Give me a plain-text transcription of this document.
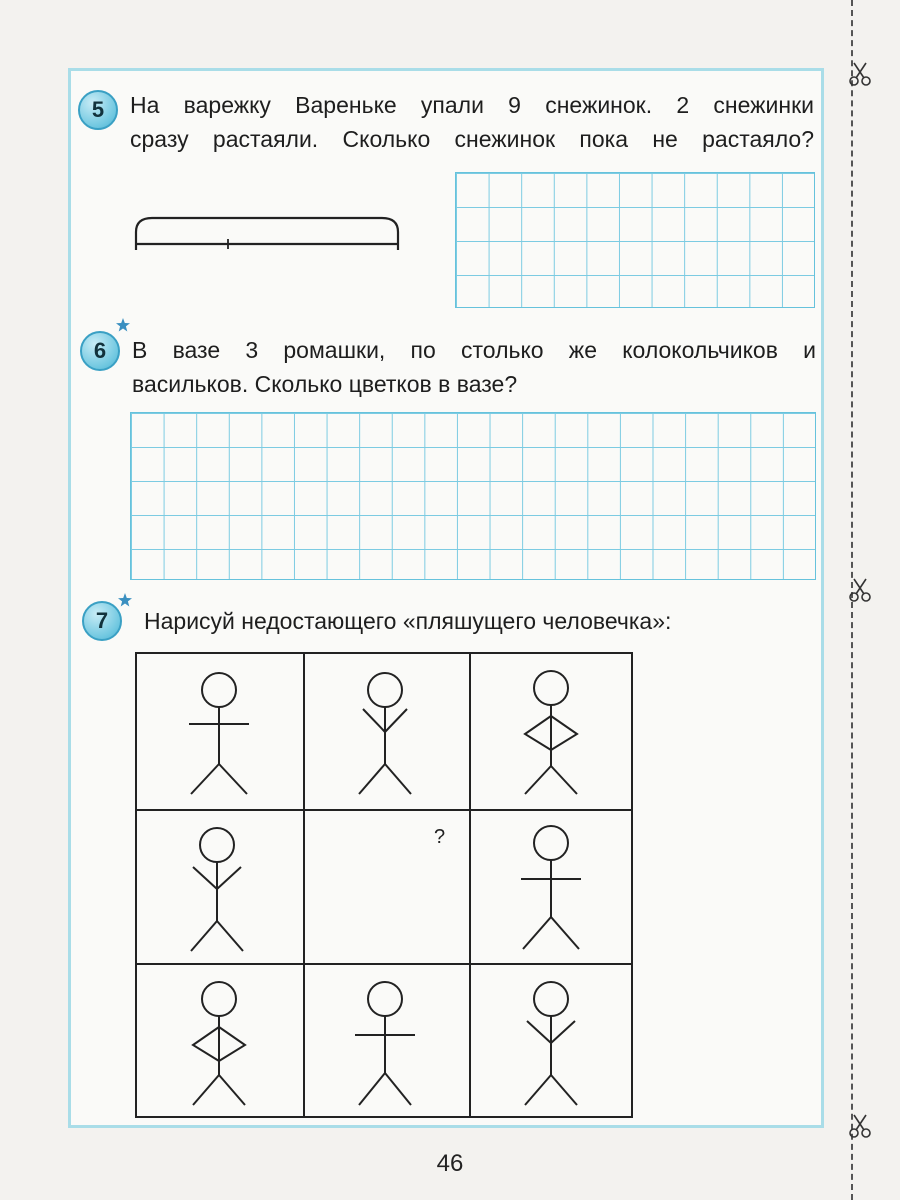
5 На варежку Вареньке упали 9 снежинок. 2 снежинки
сразу растаяли. Сколько снежинок пока не растаяло?
6 В вазе 3 ромашки, по столько же колокольчиков и
васильков. Сколько цветков в вазе?
7 Нарисуй недостающего «пляшущего человечка»:
?
46
